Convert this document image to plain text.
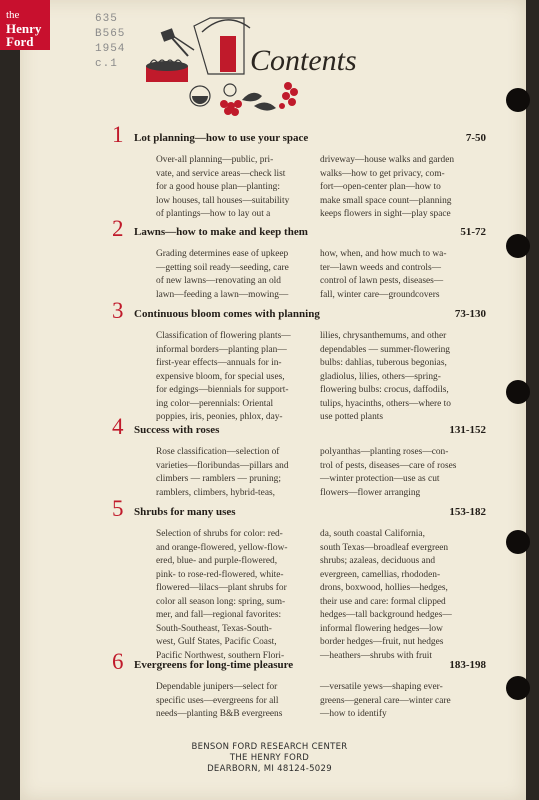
635
B565
1954
c.1	Contents
1 Lot planning—how to use your space	7-50
Over-all planning—public, pri-
vate, and service areas—check list
for a good house plan—planting:
low houses, tall houses—suitability
of plantings—how to lay out a
driveway—house walks and garden
walks—how to get privacy, com-
fort—open-center plan—how to
make small space count—planning
keeps flowers in sight—play space
2 Lawns—how to make and keep them	51-72
Grading determines ease of upkeep
—getting soil ready—seeding, care
of new lawns—renovating an old
lawn—feeding a lawn—mowing—
how, when, and how much to wa-
ter—lawn weeds and controls—
control of lawn pests, diseases—
fall, winter care—groundcovers
3 Continuous bloom comes with planning	73-130
Classification of flowering plants—
informal borders—planting plan—
first-year effects—annuals for in-
expensive bloom, for special uses,
for edgings—biennials for support-
ing color—perennials: Oriental
poppies, iris, peonies, phlox, day-
lilies, chrysanthemums, and other
dependables — summer-flowering
bulbs: dahlias, tuberous begonias,
gladiolus, lilies, others—spring-
flowering bulbs: crocus, daffodils,
tulips, hyacinths, others—where to
use potted plants
4 Success with roses	131-152
Rose classification—selection of
varieties—floribundas—pillars and
climbers — ramblers — pruning;
ramblers, climbers, hybrid-teas,
polyanthas—planting roses—con-
trol of pests, diseases—care of roses
—winter protection—use as cut
flowers—flower arranging
5 Shrubs for many uses	153-182
Selection of shrubs for color: red-
and orange-flowered, yellow-flow-
ered, blue- and purple-flowered,
pink- to rose-red-flowered, white-
flowered—lilacs—plant shrubs for
color all season long: spring, sum-
mer, and fall—regional favorites:
South-Southeast, Texas-South-
west, Gulf States, Pacific Coast,
Pacific Northwest, southern Flori-
da, south coastal California,
south Texas—broadleaf evergreen
shrubs; azaleas, deciduous and
evergreen, camellias, rhododen-
drons, boxwood, hollies—hedges,
their use and care: formal clipped
hedges—tall background hedges—
informal flowering hedges—low
border hedges—fruit, nut hedges
—heathers—shrubs with fruit
6 Evergreens for long-time pleasure	183-198
Dependable junipers—select for
specific uses—evergreens for all
needs—planting B&B evergreens
—versatile yews—shaping ever-
greens—general care—winter care
—how to identify
the
Henry Ford
BENSON FORD RESEARCH CENTER
THE HENRY FORD
DEARBORN, MI 48124-5029
